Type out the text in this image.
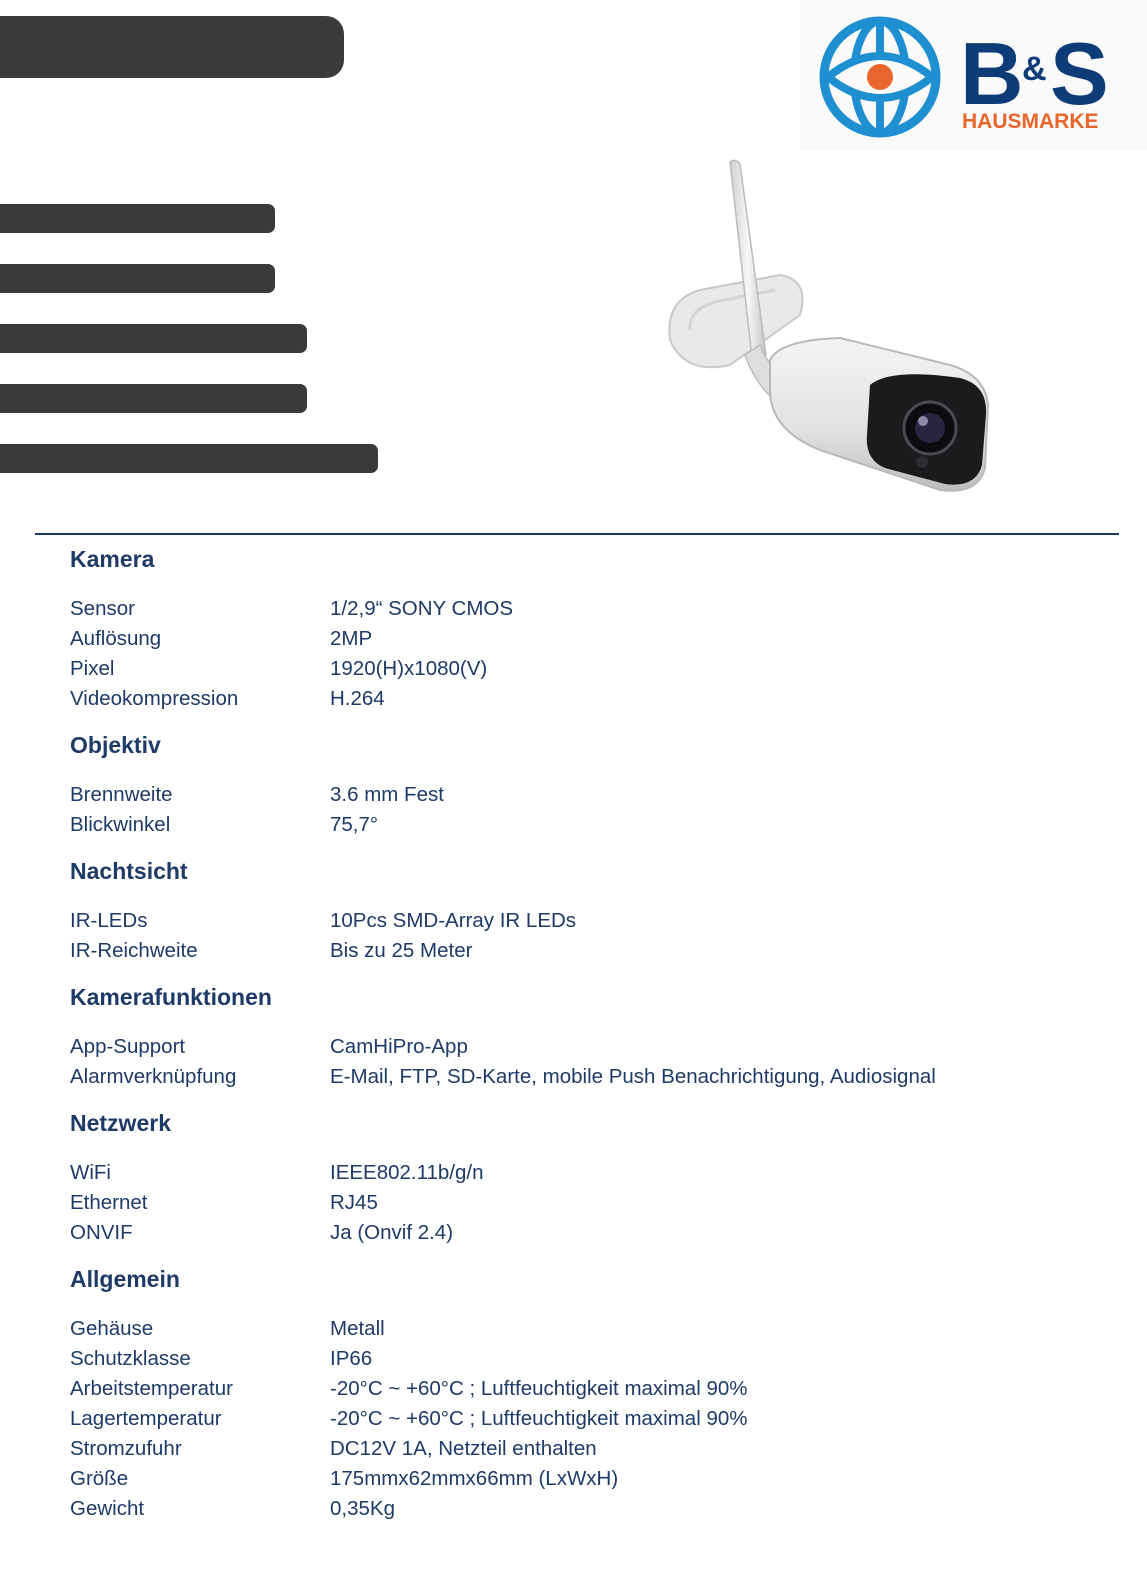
B
& S
HAUSMARKE
Kamera
Sensor	1/2,9“ SONY CMOS
Auflösung	2MP
Pixel	1920(H)x1080(V)
Videokompression	H.264
Objektiv
Brennweite	3.6 mm Fest
Blickwinkel	75,7°
Nachtsicht
IR-LEDs	10Pcs SMD-Array IR LEDs
IR-Reichweite	Bis zu 25 Meter
Kamerafunktionen
App-Support	CamHiPro-App
Alarmverknüpfung	E-Mail, FTP, SD-Karte, mobile Push Benachrichtigung, Audiosignal
Netzwerk
WiFi	IEEE802.11b/g/n
Ethernet	RJ45
ONVIF	Ja (Onvif 2.4)
Allgemein
Gehäuse	Metall
Schutzklasse	IP66
Arbeitstemperatur	-20°C ~ +60°C ; Luftfeuchtigkeit maximal 90%
Lagertemperatur	-20°C ~ +60°C ; Luftfeuchtigkeit maximal 90%
Stromzufuhr	DC12V 1A, Netzteil enthalten
Größe	175mmx62mmx66mm (LxWxH)
Gewicht	0,35Kg
